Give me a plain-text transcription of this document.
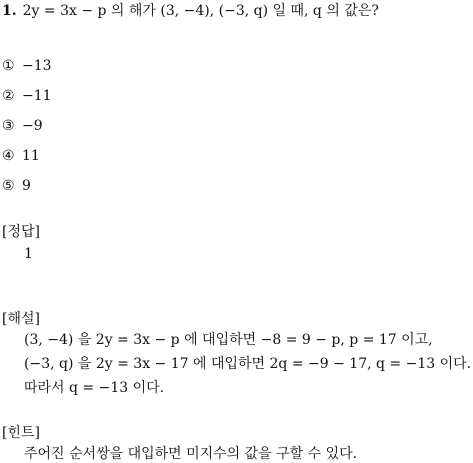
1. 2y = 3x − p 의 해가 (3, −4), (−3, q) 일 때, q 의 값은?
① −13
② −11
③ −9
④ 11
⑤ 9
[정답]
1
[해설]
(3, −4) 을 2y = 3x − p 에 대입하면 −8 = 9 − p, p = 17 이고,
(−3, q) 을 2y = 3x − 17 에 대입하면 2q = −9 − 17, q = −13 이다.
따라서 q = −13 이다.
[힌트]
주어진 순서쌍을 대입하면 미지수의 값을 구할 수 있다.
